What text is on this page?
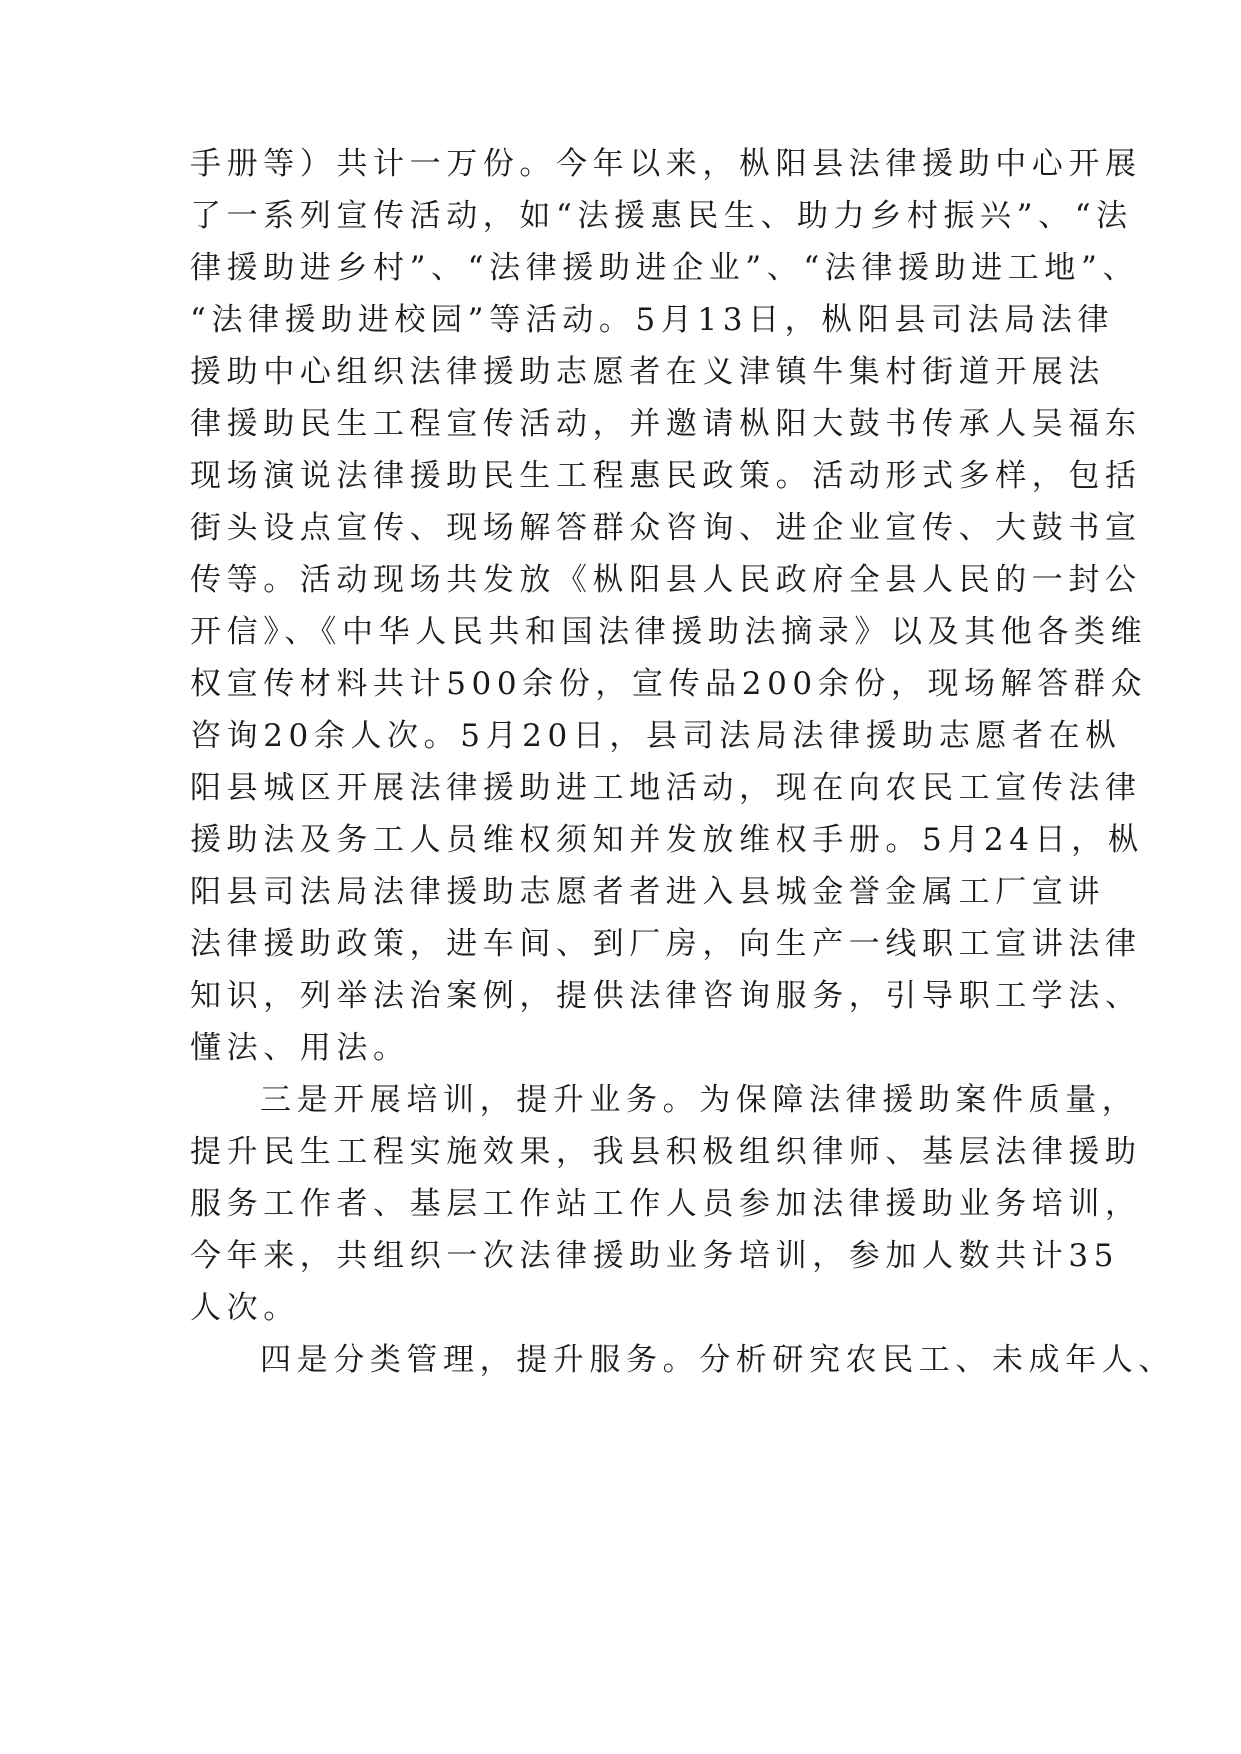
手册等）共计一万份。今年以来，枞阳县法律援助中心开展

了一系列宣传活动，如“法援惠民生、助力乡村振兴”、“法

律援助进乡村”、“法律援助进企业”、“法律援助进工地”、

“法律援助进校园”等活动。5月13日，枞阳县司法局法律

援助中心组织法律援助志愿者在义津镇牛集村街道开展法

律援助民生工程宣传活动，并邀请枞阳大鼓书传承人吴福东

现场演说法律援助民生工程惠民政策。活动形式多样，包括

街头设点宣传、现场解答群众咨询、进企业宣传、大鼓书宣

传等。活动现场共发放《枞阳县人民政府全县人民的一封公

开信》、《中华人民共和国法律援助法摘录》以及其他各类维

权宣传材料共计500余份，宣传品200余份，现场解答群众

咨询20余人次。5月20日，县司法局法律援助志愿者在枞

阳县城区开展法律援助进工地活动，现在向农民工宣传法律

援助法及务工人员维权须知并发放维权手册。5月24日，枞

阳县司法局法律援助志愿者者进入县城金誉金属工厂宣讲

法律援助政策，进车间、到厂房，向生产一线职工宣讲法律

知识，列举法治案例，提供法律咨询服务，引导职工学法、

懂法、用法。

三是开展培训，提升业务。为保障法律援助案件质量，

提升民生工程实施效果，我县积极组织律师、基层法律援助

服务工作者、基层工作站工作人员参加法律援助业务培训，

今年来，共组织一次法律援助业务培训，参加人数共计35

人次。

四是分类管理，提升服务。分析研究农民工、未成年人、
